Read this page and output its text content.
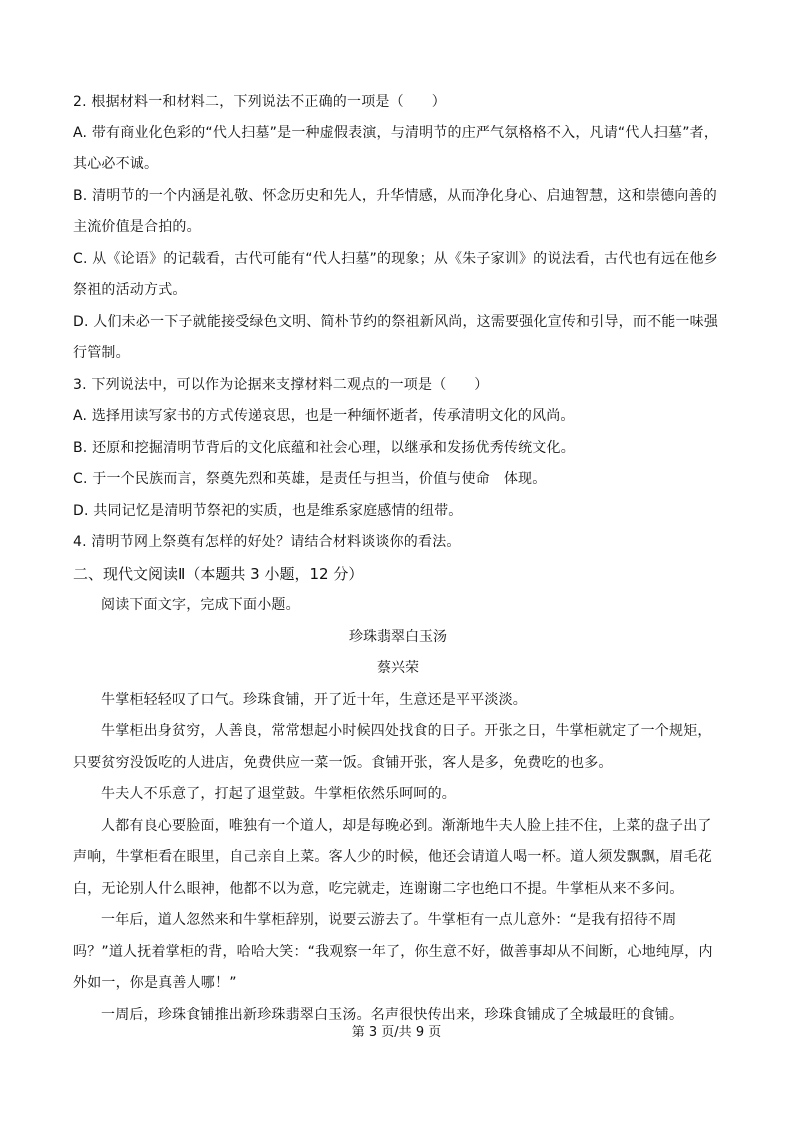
2. 根据材料一和材料二，下列说法不正确的一项是（      ）
A. 带有商业化色彩的“代人扫墓”是一种虚假表演，与清明节的庄严气氛格格不入，凡请“代人扫墓”者，其心必不诚。
B. 清明节的一个内涵是礼敬、怀念历史和先人，升华情感，从而净化身心、启迪智慧，这和崇德向善的主流价值是合拍的。
C. 从《论语》的记载看，古代可能有“代人扫墓”的现象；从《朱子家训》的说法看，古代也有远在他乡祭祖的活动方式。
D. 人们未必一下子就能接受绿色文明、简朴节约的祭祖新风尚，这需要强化宣传和引导，而不能一味强行管制。
3. 下列说法中，可以作为论据来支撑材料二观点的一项是（      ）
A. 选择用读写家书的方式传递哀思，也是一种缅怀逝者，传承清明文化的风尚。
B. 还原和挖掘清明节背后的文化底蕴和社会心理，以继承和发扬优秀传统文化。
C. 于一个民族而言，祭奠先烈和英雄，是责任与担当，价值与使命   体现。
D. 共同记忆是清明节祭祀的实质，也是维系家庭感情的纽带。
4. 清明节网上祭奠有怎样的好处？请结合材料谈谈你的看法。
二、现代文阅读Ⅱ（本题共 3 小题，12 分）
阅读下面文字，完成下面小题。
珍珠翡翠白玉汤
蔡兴荣

牛掌柜轻轻叹了口气。珍珠食铺，开了近十年，生意还是平平淡淡。

牛掌柜出身贫穷，人善良，常常想起小时候四处找食的日子。开张之日，牛掌柜就定了一个规矩，只要贫穷没饭吃的人进店，免费供应一菜一饭。食铺开张，客人是多，免费吃的也多。

牛夫人不乐意了，打起了退堂鼓。牛掌柜依然乐呵呵的。

人都有良心要脸面，唯独有一个道人，却是每晚必到。渐渐地牛夫人脸上挂不住，上菜的盘子出了声响，牛掌柜看在眼里，自己亲自上菜。客人少的时候，他还会请道人喝一杯。道人须发飘飘，眉毛花白，无论别人什么眼神，他都不以为意，吃完就走，连谢谢二字也绝口不提。牛掌柜从来不多问。

一年后，道人忽然来和牛掌柜辞别，说要云游去了。牛掌柜有一点儿意外：“是我有招待不周吗？”道人抚着掌柜的背，哈哈大笑：“我观察一年了，你生意不好，做善事却从不间断，心地纯厚，内外如一，你是真善人哪！”

一周后，珍珠食铺推出新珍珠翡翠白玉汤。名声很快传出来，珍珠食铺成了全城最旺的食铺。

第 3 页/共 9 页
